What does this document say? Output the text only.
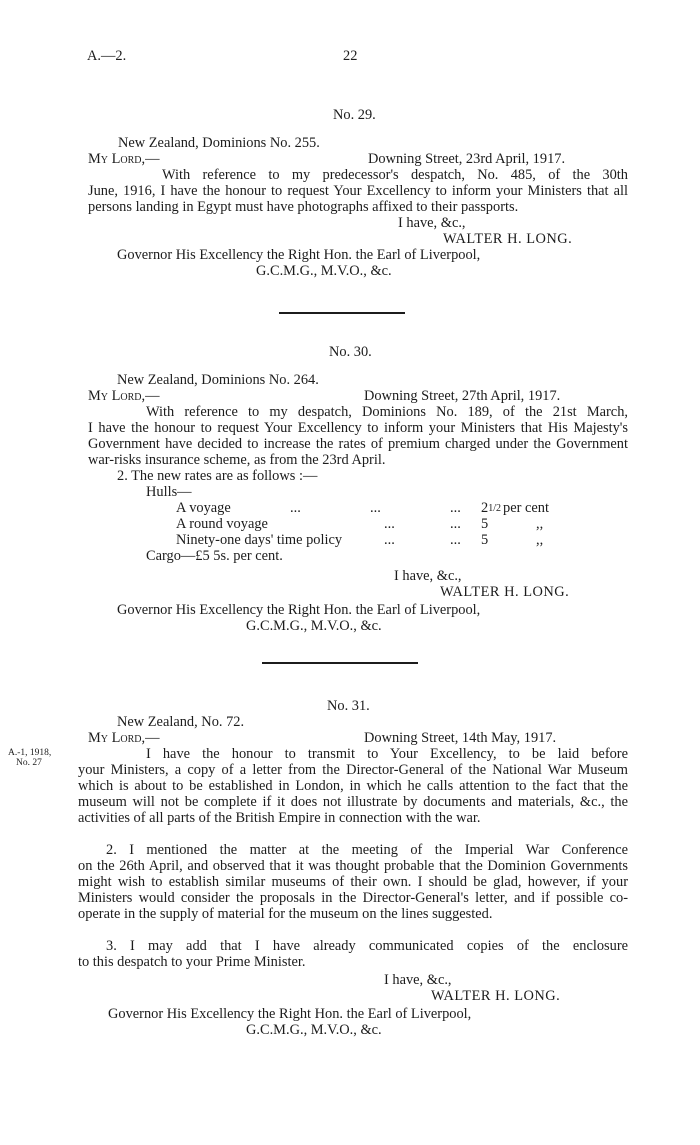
A.—2.	22
No. 29.
New Zealand, Dominions No. 255.
My Lord,—	Downing Street, 23rd April, 1917.
With reference to my predecessor's despatch, No. 485, of the 30th
June, 1916, I have the honour to request Your Excellency to inform your Ministers that all persons landing in Egypt must have photographs affixed to their passports.
I have, &c.,
WALTER H. LONG.
Governor His Excellency the Right Hon. the Earl of Liverpool,
G.C.M.G., M.V.O., &c.
No. 30.
New Zealand, Dominions No. 264.
My Lord,—	Downing Street, 27th April, 1917.
With reference to my despatch, Dominions No. 189, of the 21st March,
I have the honour to request Your Excellency to inform your Ministers that His Majesty's Government have decided to increase the rates of premium charged under the Government war-risks insurance scheme, as from the 23rd April.
2. The new rates are as follows :—
Hulls—
A voyage	...	...	... 21/2 per cent
A round voyage	...	... 5	,,
Ninety-one days' time policy	...	... 5	,,
Cargo—£5 5s. per cent.
I have, &c.,
WALTER H. LONG.
Governor His Excellency the Right Hon. the Earl of Liverpool,
G.C.M.G., M.V.O., &c.
No. 31.
New Zealand, No. 72.
My Lord,—	Downing Street, 14th May, 1917.
A.-1, 1918,
No. 27
I have the honour to transmit to Your Excellency, to be laid before
your Ministers, a copy of a letter from the Director-General of the National War Museum which is about to be established in London, in which he calls attention to the fact that the museum will not be complete if it does not illustrate by documents and materials, &c., the activities of all parts of the British Empire in connection with the war.
2. I mentioned the matter at the meeting of the Imperial War Conference
on the 26th April, and observed that it was thought probable that the Dominion Governments might wish to establish similar museums of their own. I should be glad, however, if your Ministers would consider the proposals in the Director-General's letter, and if possible co-operate in the supply of material for the museum on the lines suggested.
3. I may add that I have already communicated copies of the enclosure
to this despatch to your Prime Minister.
I have, &c.,
WALTER H. LONG.
Governor His Excellency the Right Hon. the Earl of Liverpool,
G.C.M.G., M.V.O., &c.
